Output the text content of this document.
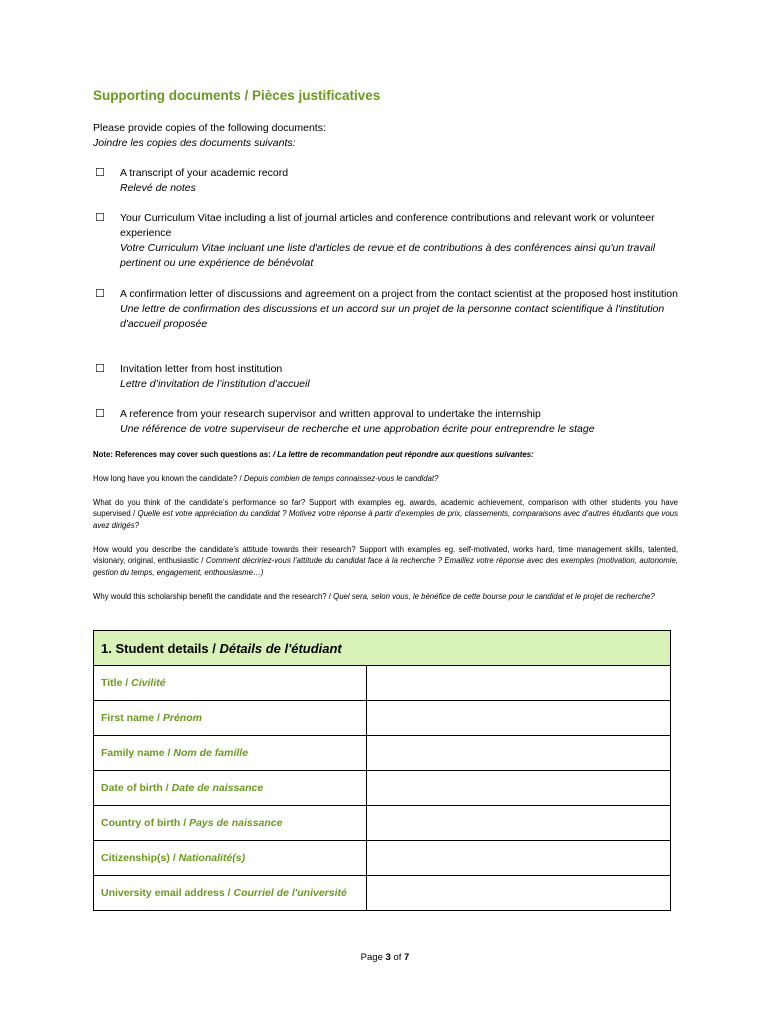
Supporting documents / Pièces justificatives
Please provide copies of the following documents:
Joindre les copies des documents suivants:
☐ A transcript of your academic record
Relevé de notes
☐ Your Curriculum Vitae including a list of journal articles and conference contributions and relevant work or volunteer experience
Votre Curriculum Vitae incluant une liste d'articles de revue et de contributions à des conférences ainsi qu'un travail pertinent ou une expérience de bénévolat
☐ A confirmation letter of discussions and agreement on a project from the contact scientist at the proposed host institution
Une lettre de confirmation des discussions et un accord sur un projet de la personne contact scientifique à l'institution d'accueil proposée
☐ Invitation letter from host institution
Lettre d’invitation de l’institution d’accueil
☐ A reference from your research supervisor and written approval to undertake the internship
Une référence de votre superviseur de recherche et une approbation écrite pour entreprendre le stage
Note: References may cover such questions as: / La lettre de recommandation peut répondre aux questions suivantes:
How long have you known the candidate? / Depuis combien de temps connaissez-vous le candidat?
What do you think of the candidate’s performance so far? Support with examples eg. awards, academic achievement, comparison with other students you have supervised / Quelle est votre appréciation du candidat ? Motivez votre réponse à partir d’exemples de prix, classements, comparaisons avec d’autres étudiants que vous avez dirigés?
How would you describe the candidate’s attitude towards their research? Support with examples eg. self-motivated, works hard, time management skills, talented, visionary, original, enthusiastic / Comment décririez-vous l’attitude du candidat face à la recherche ? Emaillez votre réponse avec des exemples (motivation, autonomie, gestion du temps, engagement, enthousiasme…)
Why would this scholarship benefit the candidate and the research? / Quel sera, selon vous, le bénéfice de cette bourse pour le candidat et le projet de recherche?
1. Student details / Détails de l'étudiant	
Title / Civilité	
First name / Prénom	
Family name / Nom de famille	
Date of birth / Date de naissance	
Country of birth / Pays de naissance	
Citizenship(s) / Nationalité(s)	
University email address / Courriel de l'université	
Page 3 of 7
